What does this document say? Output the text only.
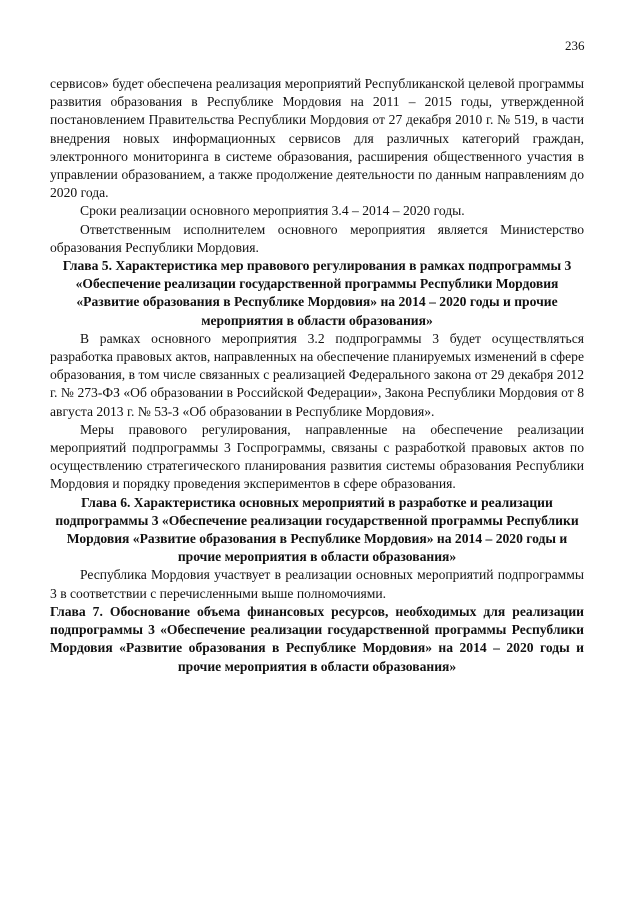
236

сервисов» будет обеспечена реализация мероприятий Республиканской целевой программы развития образования в Республике Мордовия на 2011 – 2015 годы, утвержденной постановлением Правительства Республики Мордовия от 27 декабря 2010 г. № 519, в части внедрения новых информационных сервисов для различных категорий граждан, электронного мониторинга в системе образования, расширения общественного участия в управлении образованием, а также продолжение деятельности по данным направлениям до 2020 года.

Сроки реализации основного мероприятия 3.4 – 2014 – 2020 годы.

Ответственным исполнителем основного мероприятия является Министерство образования Республики Мордовия.

Глава 5. Характеристика мер правового регулирования в рамках подпрограммы 3 «Обеспечение реализации государственной программы Республики Мордовия «Развитие образования в Республике Мордовия» на 2014 – 2020 годы и прочие мероприятия в области образования»

В рамках основного мероприятия 3.2 подпрограммы 3 будет осуществляться разработка правовых актов, направленных на обеспечение планируемых изменений в сфере образования, в том числе связанных с реализацией Федерального закона от 29 декабря 2012 г. № 273-ФЗ «Об образовании в Российской Федерации», Закона Республики Мордовия от 8 августа 2013 г. № 53-З «Об образовании в Республике Мордовия».

Меры правового регулирования, направленные на обеспечение реализации мероприятий подпрограммы 3 Госпрограммы, связаны с разработкой правовых актов по осуществлению стратегического планирования развития системы образования Республики Мордовия и порядку проведения экспериментов в сфере образования.

Глава 6. Характеристика основных мероприятий в разработке и реализации подпрограммы 3 «Обеспечение реализации государственной программы Республики Мордовия «Развитие образования в Республике Мордовия» на 2014 – 2020 годы и прочие мероприятия в области образования»

Республика Мордовия участвует в реализации основных мероприятий подпрограммы 3 в соответствии с перечисленными выше полномочиями.

Глава 7. Обоснование объема финансовых ресурсов, необходимых для реализации подпрограммы 3 «Обеспечение реализации государственной программы Республики Мордовия «Развитие образования в Республике Мордовия» на 2014 – 2020 годы и прочие мероприятия в области образования»
